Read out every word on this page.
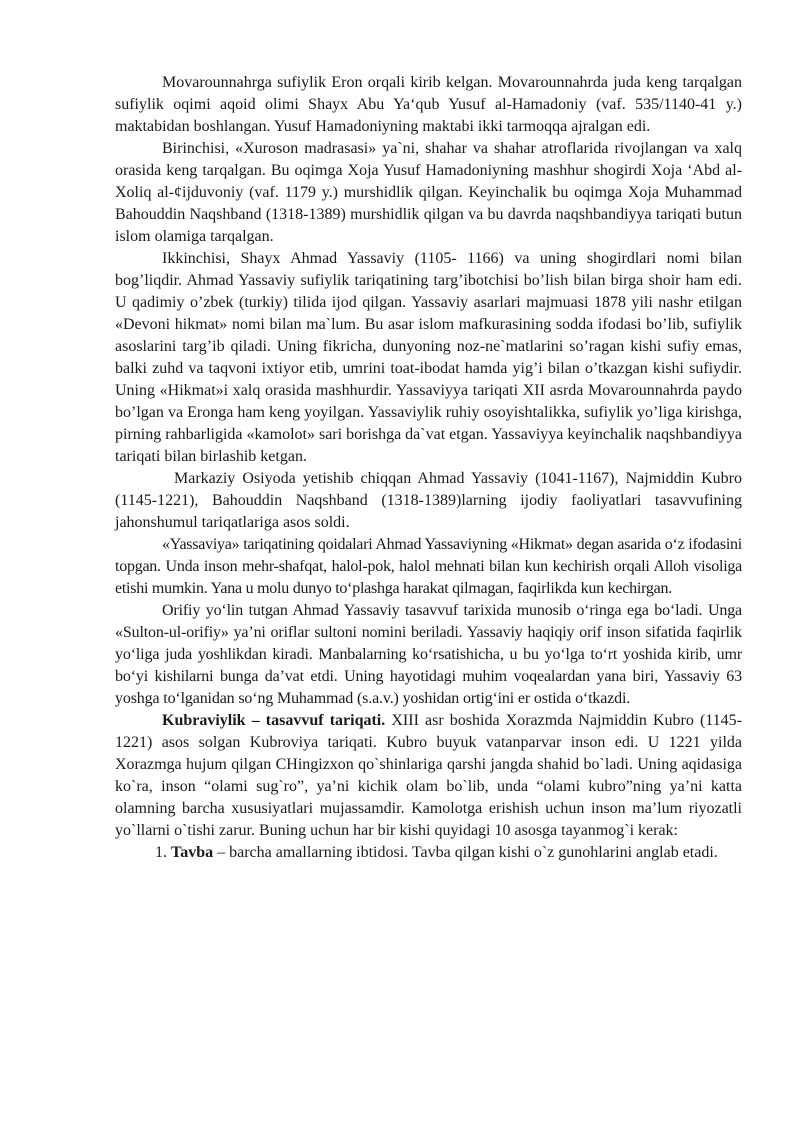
Movarounnahrga sufiylik Eron orqali kirib kelgan. Movarounnahrda juda keng tarqalgan sufiylik oqimi aqoid olimi Shayx Abu Ya‘qub Yusuf al-Hamadoniy (vaf. 535/1140-41 y.) maktabidan boshlangan. Yusuf Hamadoniyning maktabi ikki tarmoqqa ajralgan edi.

Birinchisi, «Xuroson madrasasi» ya`ni, shahar va shahar atroflarida rivojlangan va xalq orasida keng tarqalgan. Bu oqimga Xoja Yusuf Hamadoniyning mashhur shogirdi Xoja ‘Abd al-Xoliq al-¢ijduvoniy (vaf. 1179 y.) murshidlik qilgan. Keyinchalik bu oqimga Xoja Muhammad Bahouddin Naqshband (1318-1389) murshidlik qilgan va bu davrda naqshbandiyya tariqati butun islom olamiga tarqalgan.

Ikkinchisi, Shayx Ahmad Yassaviy (1105- 1166) va uning shogirdlari nomi bilan bog’liqdir. Ahmad Yassaviy sufiylik tariqatining targ’ibotchisi bo’lish bilan birga shoir ham edi. U qadimiy o’zbek (turkiy) tilida ijod qilgan. Yassaviy asarlari majmuasi 1878 yili nashr etilgan «Devoni hikmat» nomi bilan ma`lum. Bu asar islom mafkurasining sodda ifodasi bo’lib, sufiylik asoslarini targ’ib qiladi. Uning fikricha, dunyoning noz-ne`matlarini so’ragan kishi sufiy emas, balki zuhd va taqvoni ixtiyor etib, umrini toat-ibodat hamda yig’i bilan o’tkazgan kishi sufiydir. Uning «Hikmat»i xalq orasida mashhurdir. Yassaviyya tariqati XII asrda Movarounnahrda paydo bo’lgan va Eronga ham keng yoyilgan. Yassaviylik ruhiy osoyishtalikka, sufiylik yo’liga kirishga, pirning rahbarligida «kamolot» sari borishga da`vat etgan. Yassaviyya keyinchalik naqshbandiyya tariqati bilan birlashib ketgan.

Markaziy Osiyoda yetishib chiqqan Ahmad Yassaviy (1041-1167), Najmiddin Kubro (1145-1221), Bahouddin Naqshband (1318-1389)larning ijodiy faoliyatlari tasavvufining jahonshumul tariqatlariga asos soldi.

«Yassaviya» tariqatining qoidalari Ahmad Yassaviyning «Hikmat» degan asarida o‘z ifodasini topgan. Unda inson mehr-shafqat, halol-pok, halol mehnati bilan kun kechirish orqali Alloh visoliga etishi mumkin. Yana u molu dunyo to‘plashga harakat qilmagan, faqirlikda kun kechirgan.

Orifiy yo‘lin tutgan Ahmad Yassaviy tasavvuf tarixida munosib o‘ringa ega bo‘ladi. Unga «Sulton-ul-orifiy» ya’ni oriflar sultoni nomini beriladi. Yassaviy haqiqiy orif inson sifatida faqirlik yo‘liga juda yoshlikdan kiradi. Manbalarning ko‘rsatishicha, u bu yo‘lga to‘rt yoshida kirib, umr bo‘yi kishilarni bunga da’vat etdi. Uning hayotidagi muhim voqealardan yana biri, Yassaviy 63 yoshga to‘lganidan so‘ng Muhammad (s.a.v.) yoshidan ortig‘ini er ostida o‘tkazdi.

Kubraviylik – tasavvuf tariqati. XIII asr boshida Xorazmda Najmiddin Kubro (1145-1221) asos solgan Kubroviya tariqati. Kubro buyuk vatanparvar inson edi. U 1221 yilda Xorazmga hujum qilgan CHingizxon qo`shinlariga qarshi jangda shahid bo`ladi. Uning aqidasiga ko`ra, inson “olami sug`ro”, ya’ni kichik olam bo`lib, unda “olami kubro”ning ya’ni katta olamning barcha xususiyatlari mujassamdir. Kamolotga erishish uchun inson ma’lum riyozatli yo`llarni o`tishi zarur. Buning uchun har bir kishi quyidagi 10 asosga tayanmog`i kerak:

1. Tavba – barcha amallarning ibtidosi. Tavba qilgan kishi o`z gunohlarini anglab etadi.
